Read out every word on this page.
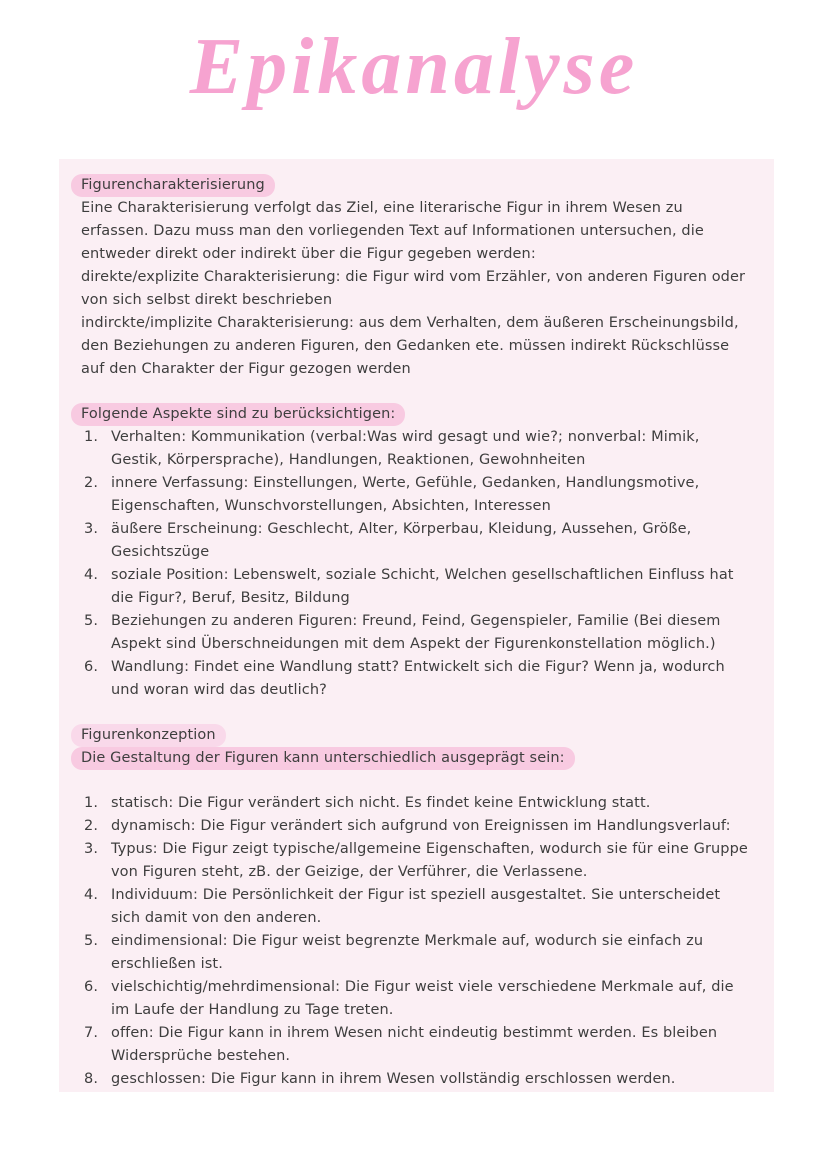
Epikanalyse
Figurencharakterisierung

Eine Charakterisierung verfolgt das Ziel, eine literarische Figur in ihrem Wesen zu erfassen. Dazu muss man den vorliegenden Text auf Informationen untersuchen, die entweder direkt oder indirekt über die Figur gegeben werden:

direkte/explizite Charakterisierung: die Figur wird vom Erzähler, von anderen Figuren oder von sich selbst direkt beschrieben

indirckte/implizite Charakterisierung: aus dem Verhalten, dem äußeren Erscheinungsbild, den Beziehungen zu anderen Figuren, den Gedanken ete. müssen indirekt Rückschlüsse auf den Charakter der Figur gezogen werden

Folgende Aspekte sind zu berücksichtigen:
1. Verhalten: Kommunikation (verbal:Was wird gesagt und wie?; nonverbal: Mimik, Gestik, Körpersprache), Handlungen, Reaktionen, Gewohnheiten
2. innere Verfassung: Einstellungen, Werte, Gefühle, Gedanken, Handlungsmotive, Eigenschaften, Wunschvorstellungen, Absichten, Interessen
3. äußere Erscheinung: Geschlecht, Alter, Körperbau, Kleidung, Aussehen, Größe, Gesichtszüge
4. soziale Position: Lebenswelt, soziale Schicht, Welchen gesellschaftlichen Einfluss hat die Figur?, Beruf, Besitz, Bildung
5. Beziehungen zu anderen Figuren: Freund, Feind, Gegenspieler, Familie (Bei diesem Aspekt sind Überschneidungen mit dem Aspekt der Figurenkonstellation möglich.)
6. Wandlung: Findet eine Wandlung statt? Entwickelt sich die Figur? Wenn ja, wodurch und woran wird das deutlich?
Figurenkonzeption
Die Gestaltung der Figuren kann unterschiedlich ausgeprägt sein:
1. statisch: Die Figur verändert sich nicht. Es findet keine Entwicklung statt.
2. dynamisch: Die Figur verändert sich aufgrund von Ereignissen im Handlungsverlauf:
3. Typus: Die Figur zeigt typische/allgemeine Eigenschaften, wodurch sie für eine Gruppe von Figuren steht, zB. der Geizige, der Verführer, die Verlassene.
4. Individuum: Die Persönlichkeit der Figur ist speziell ausgestaltet. Sie unterscheidet sich damit von den anderen.
5. eindimensional: Die Figur weist begrenzte Merkmale auf, wodurch sie einfach zu erschließen ist.
6. vielschichtig/mehrdimensional: Die Figur weist viele verschiedene Merkmale auf, die im Laufe der Handlung zu Tage treten.
7. offen: Die Figur kann in ihrem Wesen nicht eindeutig bestimmt werden. Es bleiben Widersprüche bestehen.
8. geschlossen: Die Figur kann in ihrem Wesen vollständig erschlossen werden.
